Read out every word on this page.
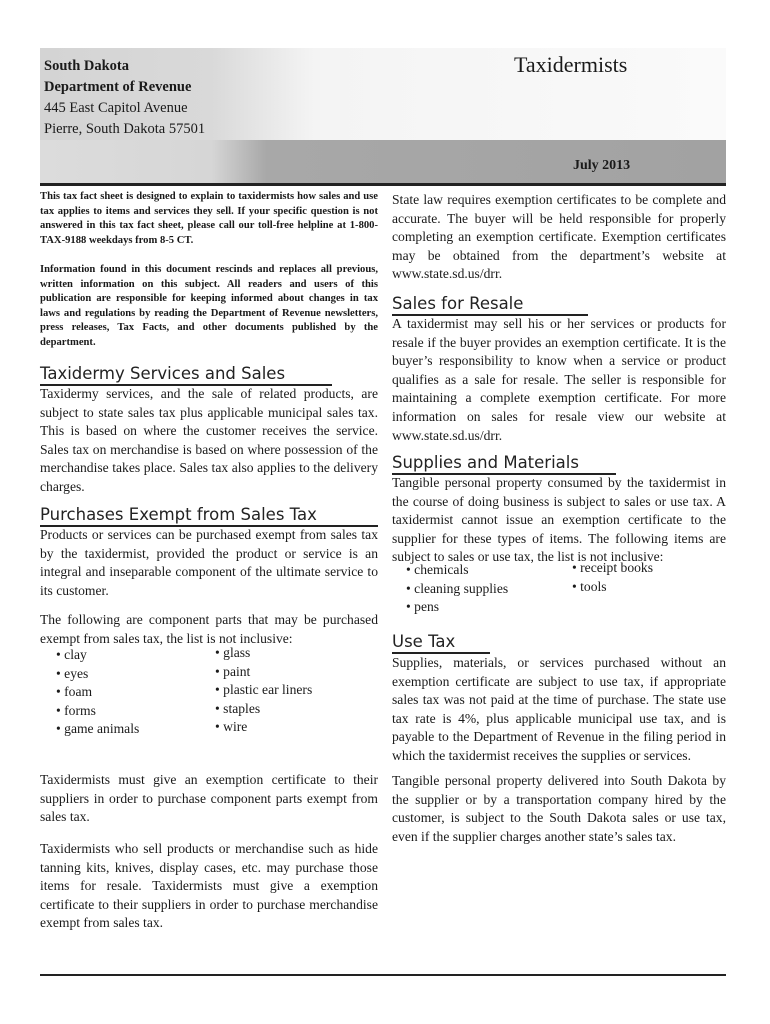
South Dakota
Department of Revenue
445 East Capitol Avenue
Pierre, South Dakota 57501
Taxidermists
July 2013

This tax fact sheet is designed to explain to taxidermists how sales and use tax applies to items and services they sell. If your specific question is not answered in this tax fact sheet, please call our toll-free helpline at 1-800-TAX-9188 weekdays from 8-5 CT.

Information found in this document rescinds and replaces all previous, written information on this subject. All readers and users of this publication are responsible for keeping informed about changes in tax laws and regulations by reading the Department of Revenue newsletters, press releases, Tax Facts, and other documents published by the department.

Taxidermy Services and Sales

Taxidermy services, and the sale of related products, are subject to state sales tax plus applicable municipal sales tax. This is based on where the customer receives the service. Sales tax on merchandise is based on where possession of the merchandise takes place. Sales tax also applies to the delivery charges.

Purchases Exempt from Sales Tax

Products or services can be purchased exempt from sales tax by the taxidermist, provided the product or service is an integral and inseparable component of the ultimate service to its customer.

The following are component parts that may be purchased exempt from sales tax, the list is not inclusive:

• clay
• eyes
• foam
• forms
• game animals
• glass
• paint
• plastic ear liners
• staples
• wire

Taxidermists must give an exemption certificate to their suppliers in order to purchase component parts exempt from sales tax.

Taxidermists who sell products or merchandise such as hide tanning kits, knives, display cases, etc. may purchase those items for resale. Taxidermists must give a exemption certificate to their suppliers in order to purchase merchandise exempt from sales tax.

State law requires exemption certificates to be complete and accurate. The buyer will be held responsible for properly completing an exemption certificate. Exemption certificates may be obtained from the department’s website at www.state.sd.us/drr.

Sales for Resale

A taxidermist may sell his or her services or products for resale if the buyer provides an exemption certificate. It is the buyer’s responsibility to know when a service or product qualifies as a sale for resale. The seller is responsible for maintaining a complete exemption certificate. For more information on sales for resale view our website at www.state.sd.us/drr.

Supplies and Materials

Tangible personal property consumed by the taxidermist in the course of doing business is subject to sales or use tax. A taxidermist cannot issue an exemption certificate to the supplier for these types of items. The following items are subject to sales or use tax, the list is not inclusive:

• chemicals
• cleaning supplies
• pens
• receipt books
• tools
Use Tax

Supplies, materials, or services purchased without an exemption certificate are subject to use tax, if appropriate sales tax was not paid at the time of purchase. The state use tax rate is 4%, plus applicable municipal use tax, and is payable to the Department of Revenue in the filing period in which the taxidermist receives the supplies or services.

Tangible personal property delivered into South Dakota by the supplier or by a transportation company hired by the customer, is subject to the South Dakota sales or use tax, even if the supplier charges another state’s sales tax.
